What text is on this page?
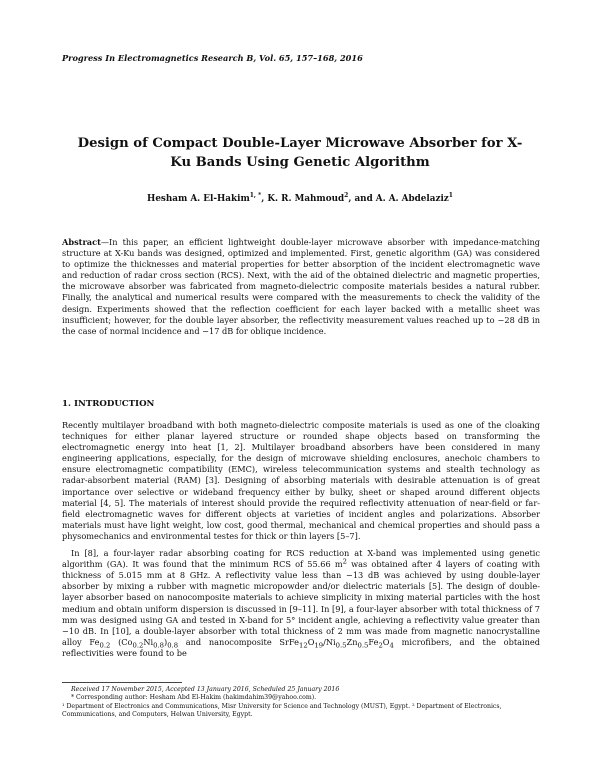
Progress In Electromagnetics Research B, Vol. 65, 157–168, 2016
Design of Compact Double-Layer Microwave Absorber for X-Ku Bands Using Genetic Algorithm
Hesham A. El-Hakim$^{1, *}$, K. R. Mahmoud$^2$, and A. A. Abdelaziz$^1$
Abstract—In this paper, an efficient lightweight double-layer microwave absorber with impedance-matching structure at X-Ku bands was designed, optimized and implemented. First, genetic algorithm (GA) was considered to optimize the thicknesses and material properties for better absorption of the incident electromagnetic wave and reduction of radar cross section (RCS). Next, with the aid of the obtained dielectric and magnetic properties, the microwave absorber was fabricated from magneto-dielectric composite materials besides a natural rubber. Finally, the analytical and numerical results were compared with the measurements to check the validity of the design. Experiments showed that the reflection coefficient for each layer backed with a metallic sheet was insufficient; however, for the double layer absorber, the reflectivity measurement values reached up to −28 dB in the case of normal incidence and −17 dB for oblique incidence.
1. INTRODUCTION

Recently multilayer broadband with both magneto-dielectric composite materials is used as one of the cloaking techniques for either planar layered structure or rounded shape objects based on transforming the electromagnetic energy into heat [1, 2]. Multilayer broadband absorbers have been considered in many engineering applications, especially, for the design of microwave shielding enclosures, anechoic chambers to ensure electromagnetic compatibility (EMC), wireless telecommunication systems and stealth technology as radar-absorbent material (RAM) [3]. Designing of absorbing materials with desirable attenuation is of great importance over selective or wideband frequency either by bulky, sheet or shaped around different objects material [4, 5]. The materials of interest should provide the required reflectivity attenuation of near-field or far-field electromagnetic waves for different objects at varieties of incident angles and polarizations. Absorber materials must have light weight, low cost, good thermal, mechanical and chemical properties and should pass a physomechanics and environmental testes for thick or thin layers [5–7].

In [8], a four-layer radar absorbing coating for RCS reduction at X-band was implemented using genetic algorithm (GA). It was found that the minimum RCS of 55.66 $m^2$ was obtained after 4 layers of coating with thickness of 5.015 mm at 8 GHz. A reflectivity value less than −13 dB was achieved by using double-layer absorber by mixing a rubber with magnetic micropowder and/or dielectric materials [5]. The design of double-layer absorber based on nanocomposite materials to achieve simplicity in mixing material particles with the host medium and obtain uniform dispersion is discussed in [9–11]. In [9], a four-layer absorber with total thickness of 7 mm was designed using GA and tested in X-band for 5° incident angle, achieving a reflectivity value greater than −10 dB. In [10], a double-layer absorber with total thickness of 2 mm was made from magnetic nanocrystalline alloy $Fe_{0.2}$ $(Co_{0.2}Ni_{0.8})_{0.8}$ and nanocomposite $SrFe_{12}O_{19}/Ni_{0.5}Zn_{0.5}Fe_2O_4$ microfibers, and the obtained reflectivities were found to be

Received 17 November 2015, Accepted 13 January 2016, Scheduled 25 January 2016
* Corresponding author: Hesham Abd El-Hakim (hakimdahim39@yahoo.com).
¹ Department of Electronics and Communications, Misr University for Science and Technology (MUST), Egypt. ² Department of Electronics, Communications, and Computers, Helwan University, Egypt.
